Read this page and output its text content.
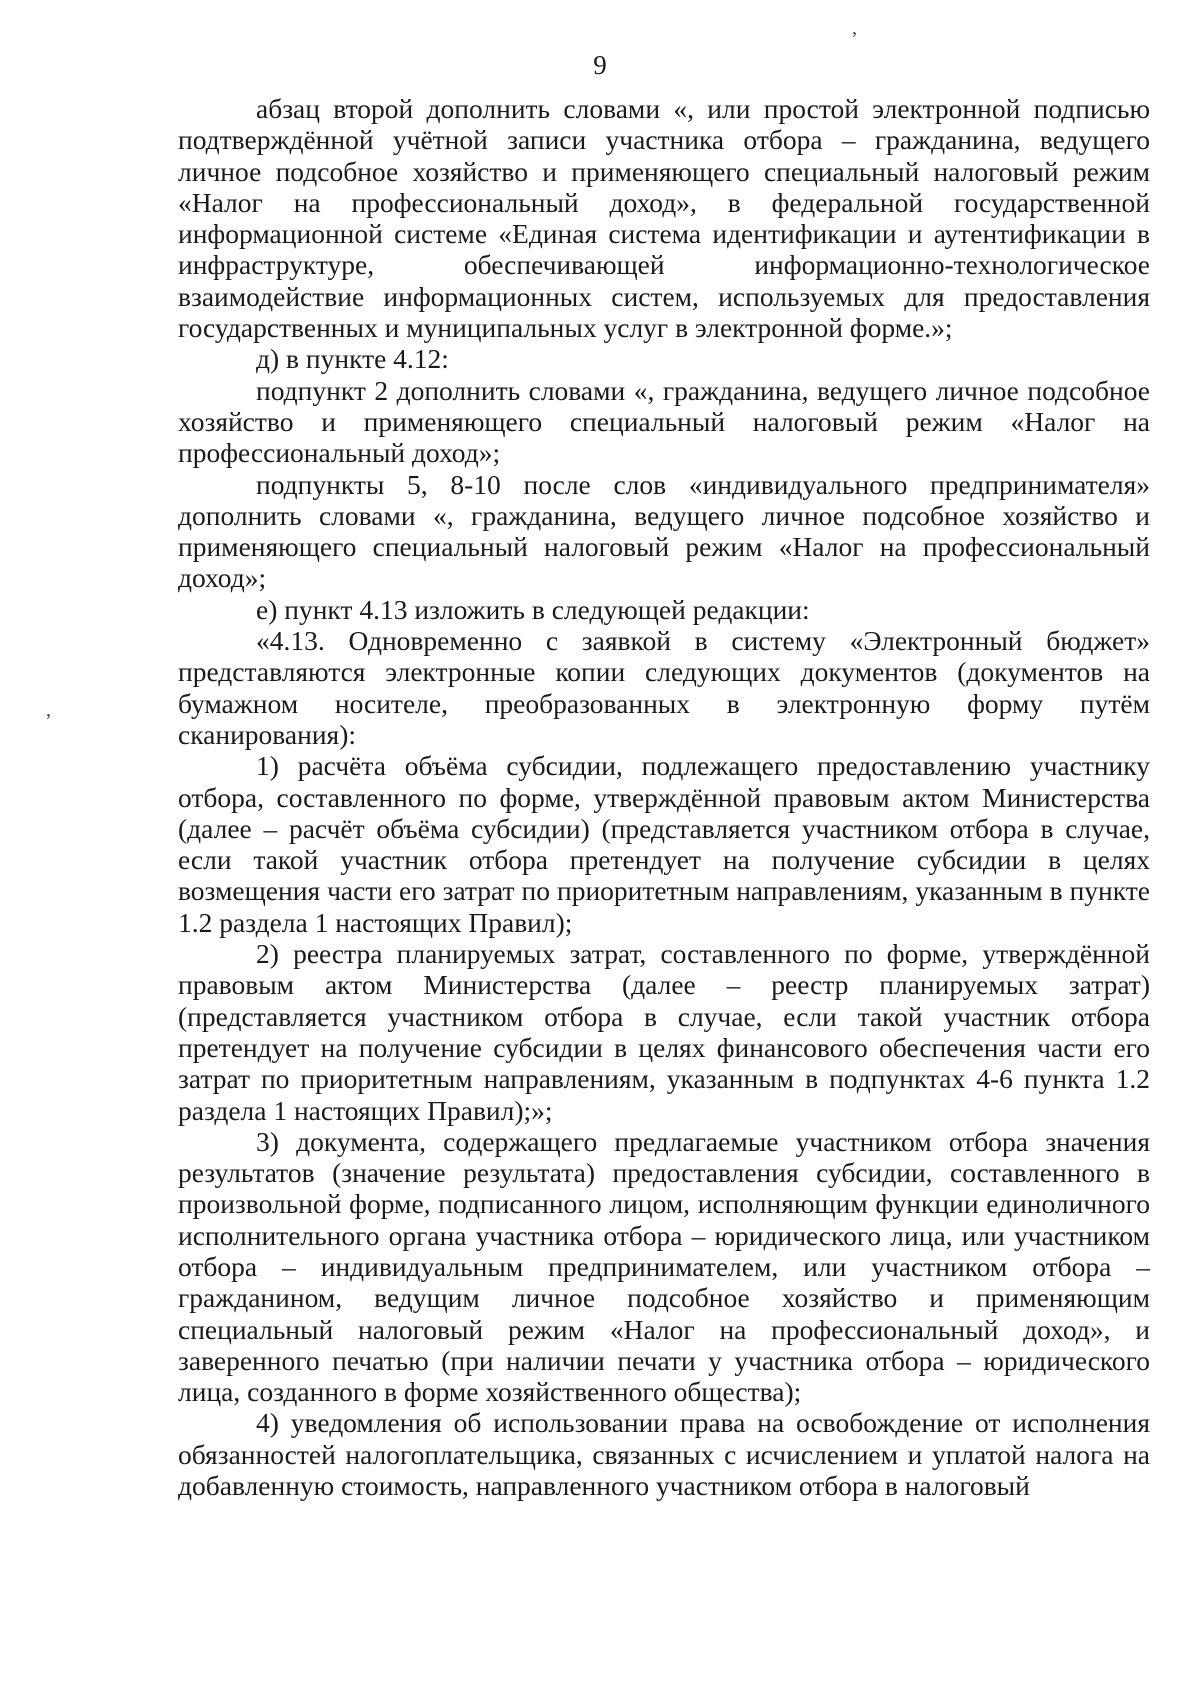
9
,
,

абзац второй дополнить словами «, или простой электронной подписью подтверждённой учётной записи участника отбора – гражданина, ведущего личное подсобное хозяйство и применяющего специальный налоговый режим «Налог на профессиональный доход», в федеральной государственной информационной системе «Единая система идентификации и аутентификации в инфраструктуре, обеспечивающей информационно-технологическое взаимодействие информационных систем, используемых для предоставления государственных и муниципальных услуг в электронной форме.»;

д) в пункте 4.12:

подпункт 2 дополнить словами «, гражданина, ведущего личное подсобное хозяйство и применяющего специальный налоговый режим «Налог на профессиональный доход»;

подпункты 5, 8-10 после слов «индивидуального предпринимателя» дополнить словами «, гражданина, ведущего личное подсобное хозяйство и применяющего специальный налоговый режим «Налог на профессиональный доход»;

е) пункт 4.13 изложить в следующей редакции:

«4.13. Одновременно с заявкой в систему «Электронный бюджет» представляются электронные копии следующих документов (документов на бумажном носителе, преобразованных в электронную форму путём сканирования):

1) расчёта объёма субсидии, подлежащего предоставлению участнику отбора, составленного по форме, утверждённой правовым актом Министерства (далее – расчёт объёма субсидии) (представляется участником отбора в случае, если такой участник отбора претендует на получение субсидии в целях возмещения части его затрат по приоритетным направлениям, указанным в пункте 1.2 раздела 1 настоящих Правил);

2) реестра планируемых затрат, составленного по форме, утверждённой правовым актом Министерства (далее – реестр планируемых затрат) (представляется участником отбора в случае, если такой участник отбора претендует на получение субсидии в целях финансового обеспечения части его затрат по приоритетным направлениям, указанным в подпунктах 4-6 пункта 1.2 раздела 1 настоящих Правил);»;

3) документа, содержащего предлагаемые участником отбора значения результатов (значение результата) предоставления субсидии, составленного в произвольной форме, подписанного лицом, исполняющим функции единоличного исполнительного органа участника отбора – юридического лица, или участником отбора – индивидуальным предпринимателем, или участником отбора – гражданином, ведущим личное подсобное хозяйство и применяющим специальный налоговый режим «Налог на профессиональный доход», и заверенного печатью (при наличии печати у участника отбора – юридического лица, созданного в форме хозяйственного общества);

4) уведомления об использовании права на освобождение от исполнения обязанностей налогоплательщика, связанных с исчислением и уплатой налога на добавленную стоимость, направленного участником отбора в налоговый
